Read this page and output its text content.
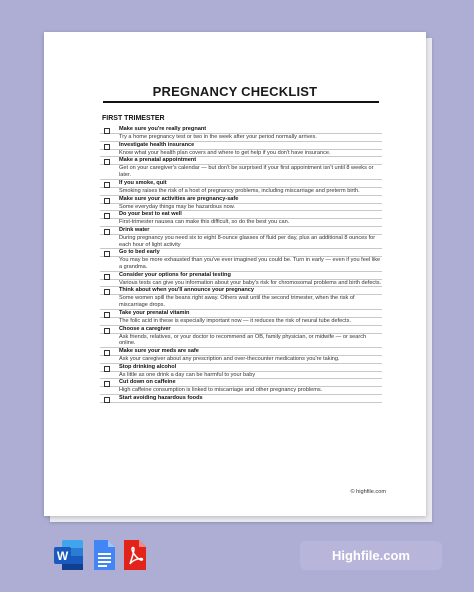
PREGNANCY CHECKLIST
FIRST TRIMESTER
Make sure you're really pregnant
Try a home pregnancy test or two in the week after your period normally arrives.
Investigate health insurance
Know what your health plan covers and where to get help if you don't have insurance.
Make a prenatal appointment
Get on your caregiver's calendar — but don't be surprised if your first appointment isn't until 8 weeks or later.
If you smoke, quit
Smoking raises the risk of a host of pregnancy problems, including miscarriage and preterm birth.
Make sure your activities are pregnancy-safe
Some everyday things may be hazardous now.
Do your best to eat well
First-trimester nausea can make this difficult, so do the best you can.
Drink water
During pregnancy you need six to eight 8-ounce glasses of fluid per day, plus an additional 8 ounces for each hour of light activity
Go to bed early
You may be more exhausted than you've ever imagined you could be. Turn in early — even if you feel like a grandma.
Consider your options for prenatal testing
Various tests can give you information about your baby's risk for chromosomal problems and birth defects.
Think about when you'll announce your pregnancy
Some women spill the beans right away. Others wait until the second trimester, when the risk of miscarriage drops.
Take your prenatal vitamin
The folic acid in these is especially important now — it reduces the risk of neural tube defects.
Choose a caregiver
Ask friends, relatives, or your doctor to recommend an OB, family physician, or midwife — or search online.
Make sure your meds are safe
Ask your caregiver about any prescription and over-thecounter medications you're taking.
Stop drinking alcohol
As little as one drink a day can be harmful to your baby
Cut down on caffeine
High caffeine consumption is linked to miscarriage and other pregnancy problems.
Start avoiding hazardous foods
© highfile.com
W	Highfile.com
